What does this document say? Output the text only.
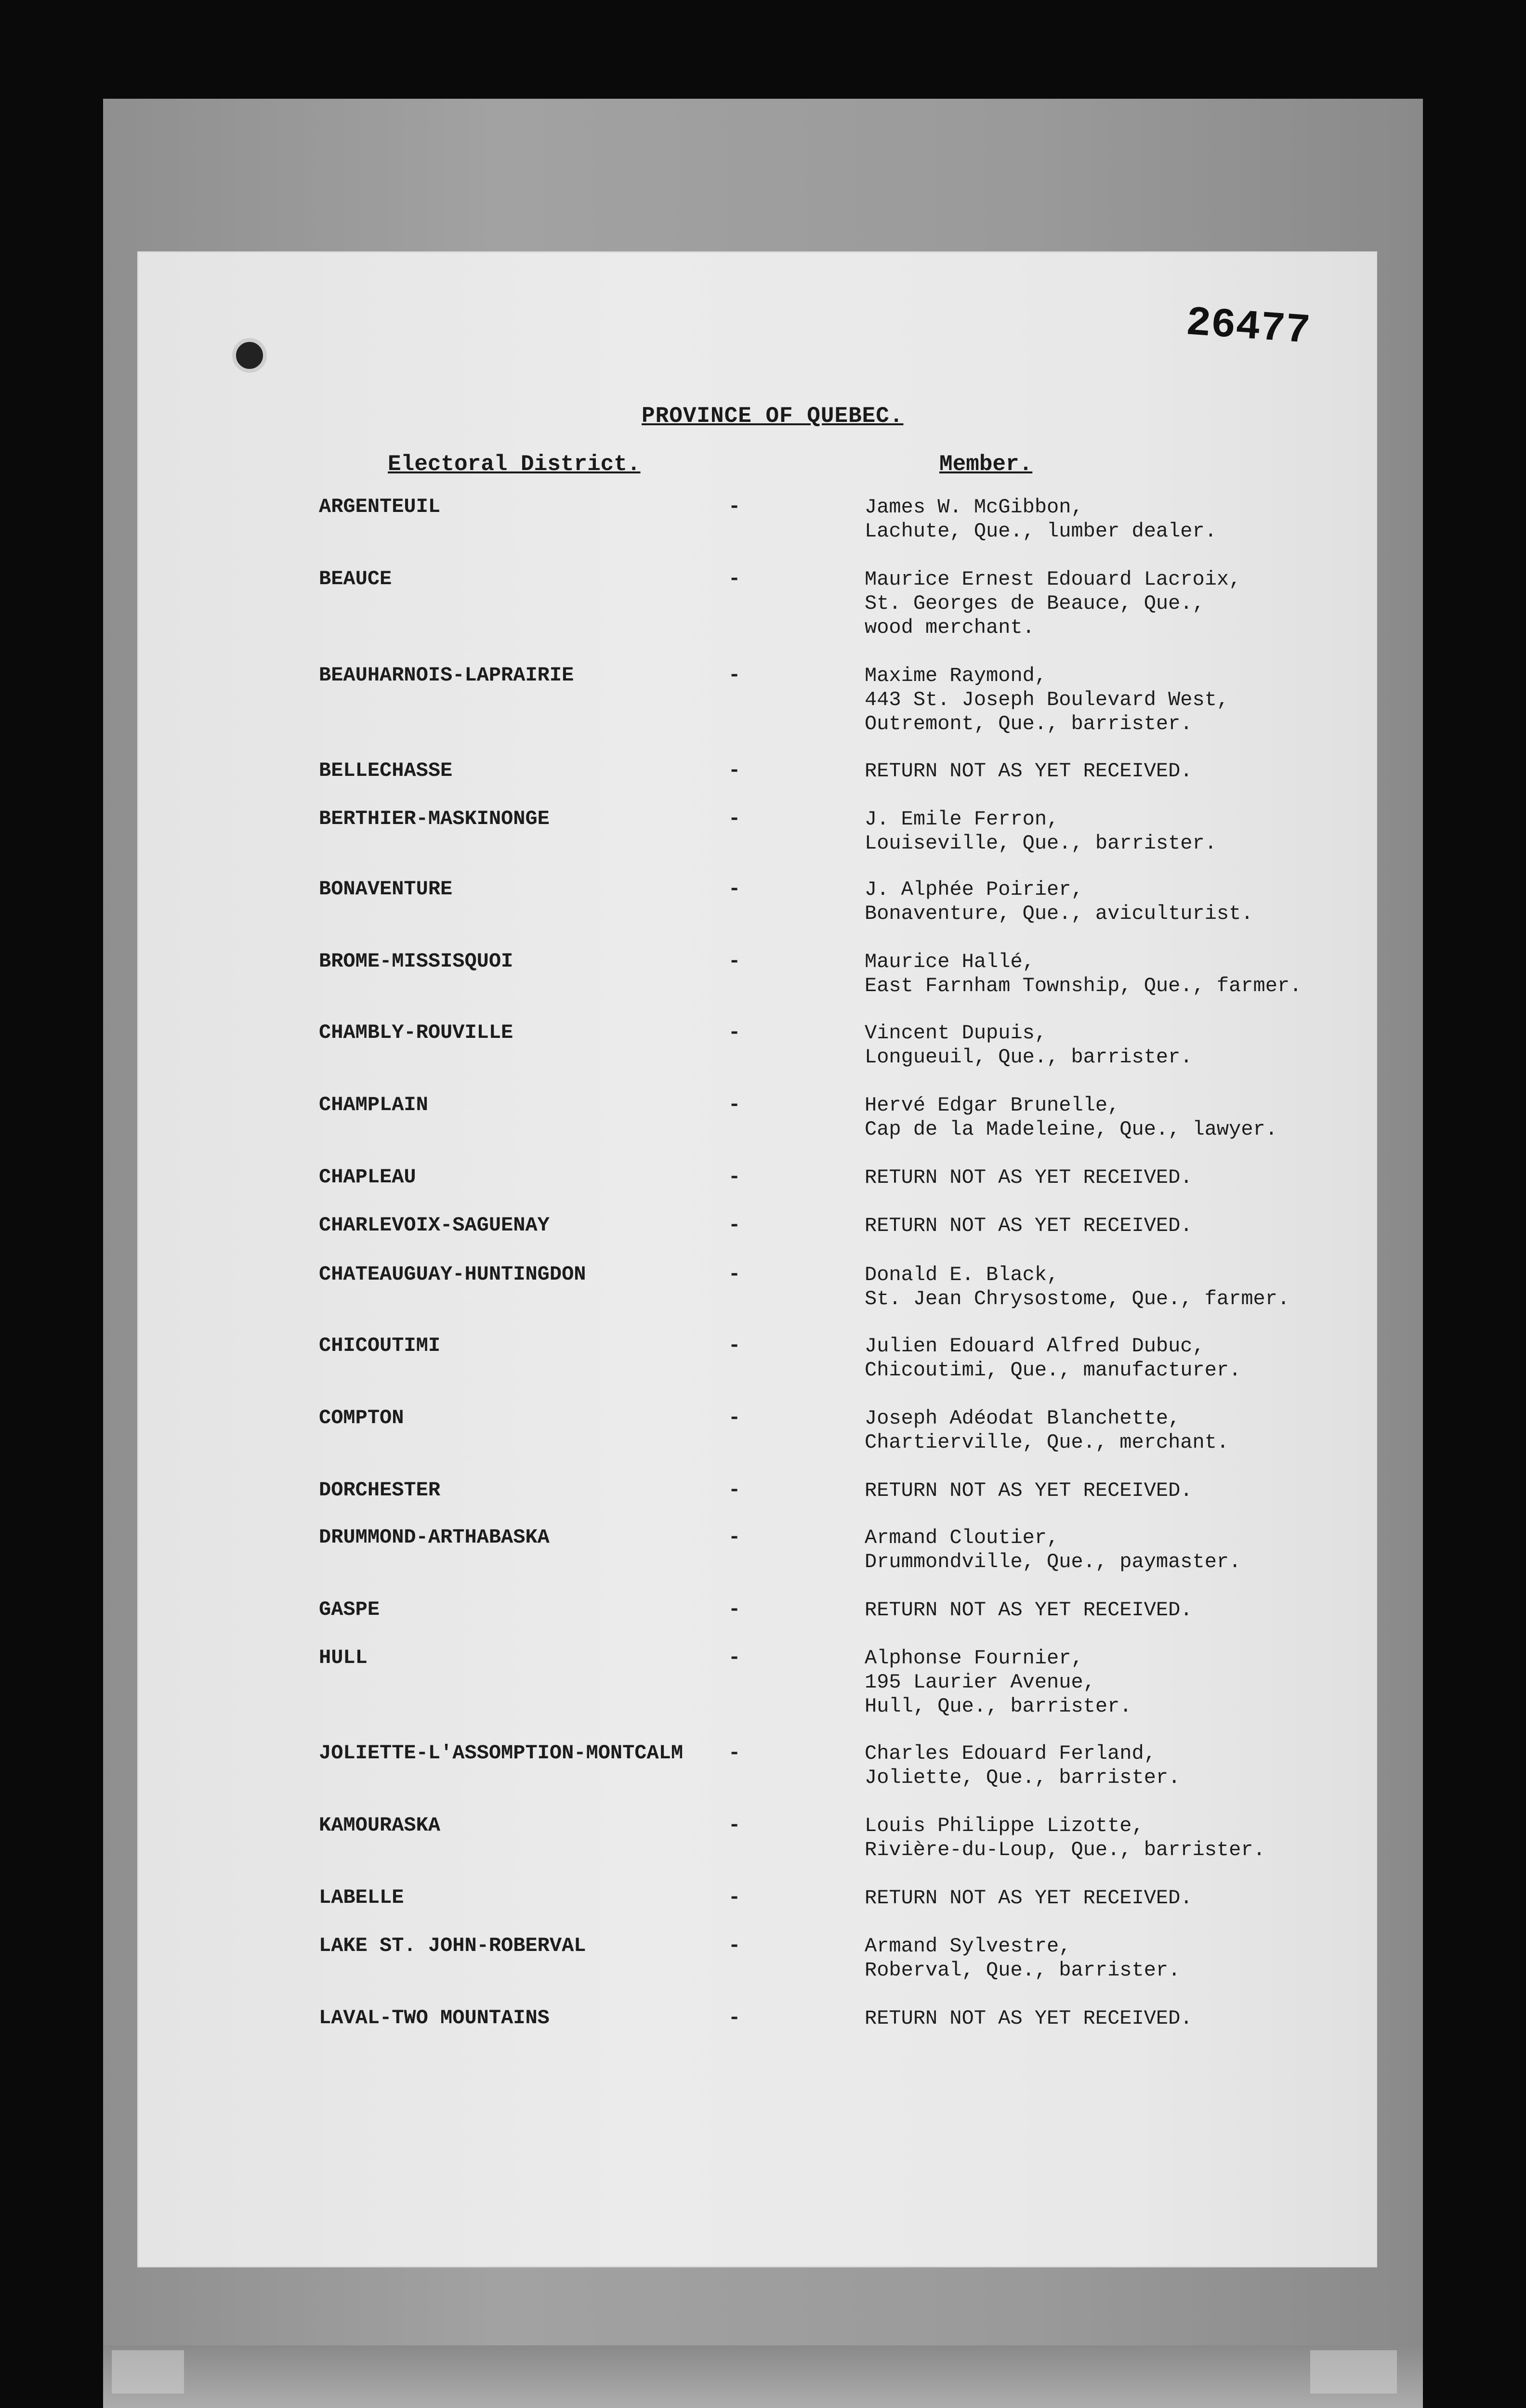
26477
PROVINCE OF QUEBEC.
Electoral District.	Member.
ARGENTEUIL	-	James W. McGibbon,
Lachute, Que., lumber dealer.
BEAUCE	-	Maurice Ernest Edouard Lacroix,
St. Georges de Beauce, Que.,
wood merchant.
BEAUHARNOIS-LAPRAIRIE	-	Maxime Raymond,
443 St. Joseph Boulevard West,
Outremont, Que., barrister.
BELLECHASSE	-	RETURN NOT AS YET RECEIVED.
BERTHIER-MASKINONGE	-	J. Emile Ferron,
Louiseville, Que., barrister.
BONAVENTURE	-	J. Alphée Poirier,
Bonaventure, Que., aviculturist.
BROME-MISSISQUOI	-	Maurice Hallé,
East Farnham Township, Que., farmer.
CHAMBLY-ROUVILLE	-	Vincent Dupuis,
Longueuil, Que., barrister.
CHAMPLAIN	-	Hervé Edgar Brunelle,
Cap de la Madeleine, Que., lawyer.
CHAPLEAU	-	RETURN NOT AS YET RECEIVED.
CHARLEVOIX-SAGUENAY	-	RETURN NOT AS YET RECEIVED.
CHATEAUGUAY-HUNTINGDON	-	Donald E. Black,
St. Jean Chrysostome, Que., farmer.
CHICOUTIMI	-	Julien Edouard Alfred Dubuc,
Chicoutimi, Que., manufacturer.
COMPTON	-	Joseph Adéodat Blanchette,
Chartierville, Que., merchant.
DORCHESTER	-	RETURN NOT AS YET RECEIVED.
DRUMMOND-ARTHABASKA	-	Armand Cloutier,
Drummondville, Que., paymaster.
GASPE	-	RETURN NOT AS YET RECEIVED.
HULL	-	Alphonse Fournier,
195 Laurier Avenue,
Hull, Que., barrister.
JOLIETTE-L'ASSOMPTION-MONTCALM -	Charles Edouard Ferland,
Joliette, Que., barrister.
KAMOURASKA	-	Louis Philippe Lizotte,
Rivière-du-Loup, Que., barrister.
LABELLE	-	RETURN NOT AS YET RECEIVED.
LAKE ST. JOHN-ROBERVAL	-	Armand Sylvestre,
Roberval, Que., barrister.
LAVAL-TWO MOUNTAINS	-	RETURN NOT AS YET RECEIVED.
